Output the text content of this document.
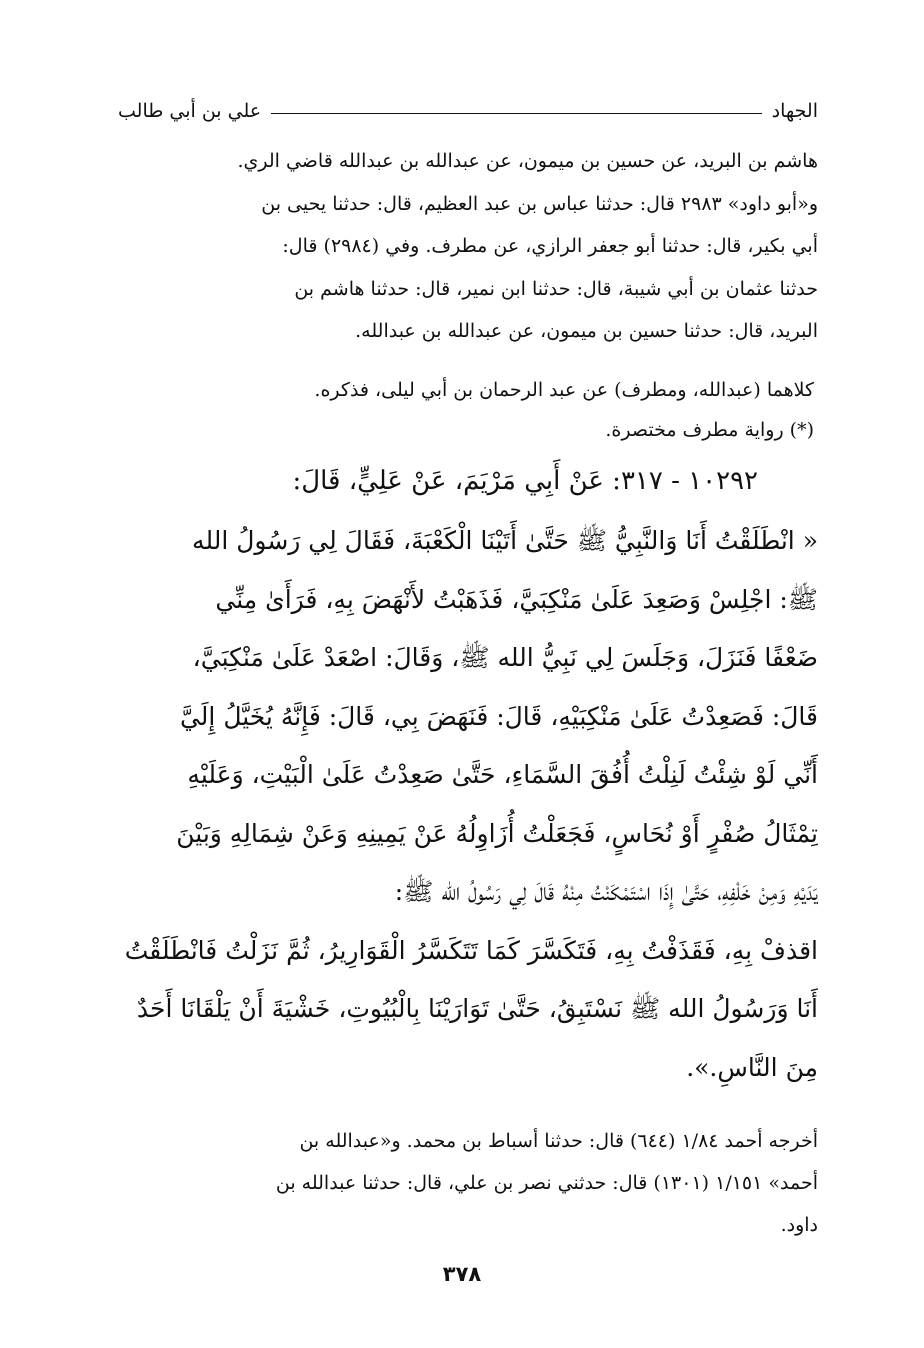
الجهاد
علي بن أبي طالب
هاشم بن البريد، عن حسين بن ميمون، عن عبدالله بن عبدالله قاضي الري.
و«أبو داود» ٢٩٨٣ قال: حدثنا عباس بن عبد العظيم، قال: حدثنا يحيى بن
أبي بكير، قال: حدثنا أبو جعفر الرازي، عن مطرف. وفي (٢٩٨٤) قال:
حدثنا عثمان بن أبي شيبة، قال: حدثنا ابن نمير، قال: حدثنا هاشم بن
البريد، قال: حدثنا حسين بن ميمون، عن عبدالله بن عبدالله.
كلاهما (عبدالله، ومطرف) عن عبد الرحمان بن أبي ليلى، فذكره.
(*) رواية مطرف مختصرة.
١٠٢٩٢ - ٣١٧: عَنْ أَبِي مَرْيَمَ، عَنْ عَلِيٍّ، قَالَ:
« انْطَلَقْتُ أَنَا وَالنَّبِيُّ ﷺ حَتَّىٰ أَتَيْنَا الْكَعْبَةَ، فَقَالَ لِي رَسُولُ الله
ﷺ: اجْلِسْ وَصَعِدَ عَلَىٰ مَنْكِبَيَّ، فَذَهَبْتُ لأَنْهَضَ بِهِ، فَرَأَىٰ مِنِّي
ضَعْفًا فَنَزَلَ، وَجَلَسَ لِي نَبِيُّ الله ﷺ، وَقَالَ: اصْعَدْ عَلَىٰ مَنْكِبَيَّ،
قَالَ: فَصَعِدْتُ عَلَىٰ مَنْكِبَيْهِ، قَالَ: فَنَهَضَ بِي، قَالَ: فَإِنَّهُ يُخَيَّلُ إِلَيَّ
أَنِّي لَوْ شِئْتُ لَنِلْتُ أُفُقَ السَّمَاءِ، حَتَّىٰ صَعِدْتُ عَلَىٰ الْبَيْتِ، وَعَلَيْهِ
تِمْثَالُ صُفْرٍ أَوْ نُحَاسٍ، فَجَعَلْتُ أُزَاوِلُهُ عَنْ يَمِينِهِ وَعَنْ شِمَالِهِ وَبَيْنَ
يَدَيْهِ وَمِنْ خَلْفِهِ، حَتَّىٰ إِذَا اسْتَمْكَنْتُ مِنْهُ قَالَ لِي رَسُولُ الله ﷺ:
اقذفْ بِهِ، فَقَذَفْتُ بِهِ، فَتَكَسَّرَ كَمَا تَتَكَسَّرُ الْقَوَارِيرُ، ثُمَّ نَزَلْتُ فَانْطَلَقْتُ
أَنَا وَرَسُولُ الله ﷺ نَسْتَبِقُ، حَتَّىٰ تَوَارَيْنَا بِالْبُيُوتِ، خَشْيَةَ أَنْ يَلْقَانَا أَحَدٌ
مِنَ النَّاسِ.».
أخرجه أحمد ١/٨٤ (٦٤٤) قال: حدثنا أسباط بن محمد. و«عبدالله بن
أحمد» ١/١٥١ (١٣٠١) قال: حدثني نصر بن علي، قال: حدثنا عبدالله بن
داود.
٣٧٨
